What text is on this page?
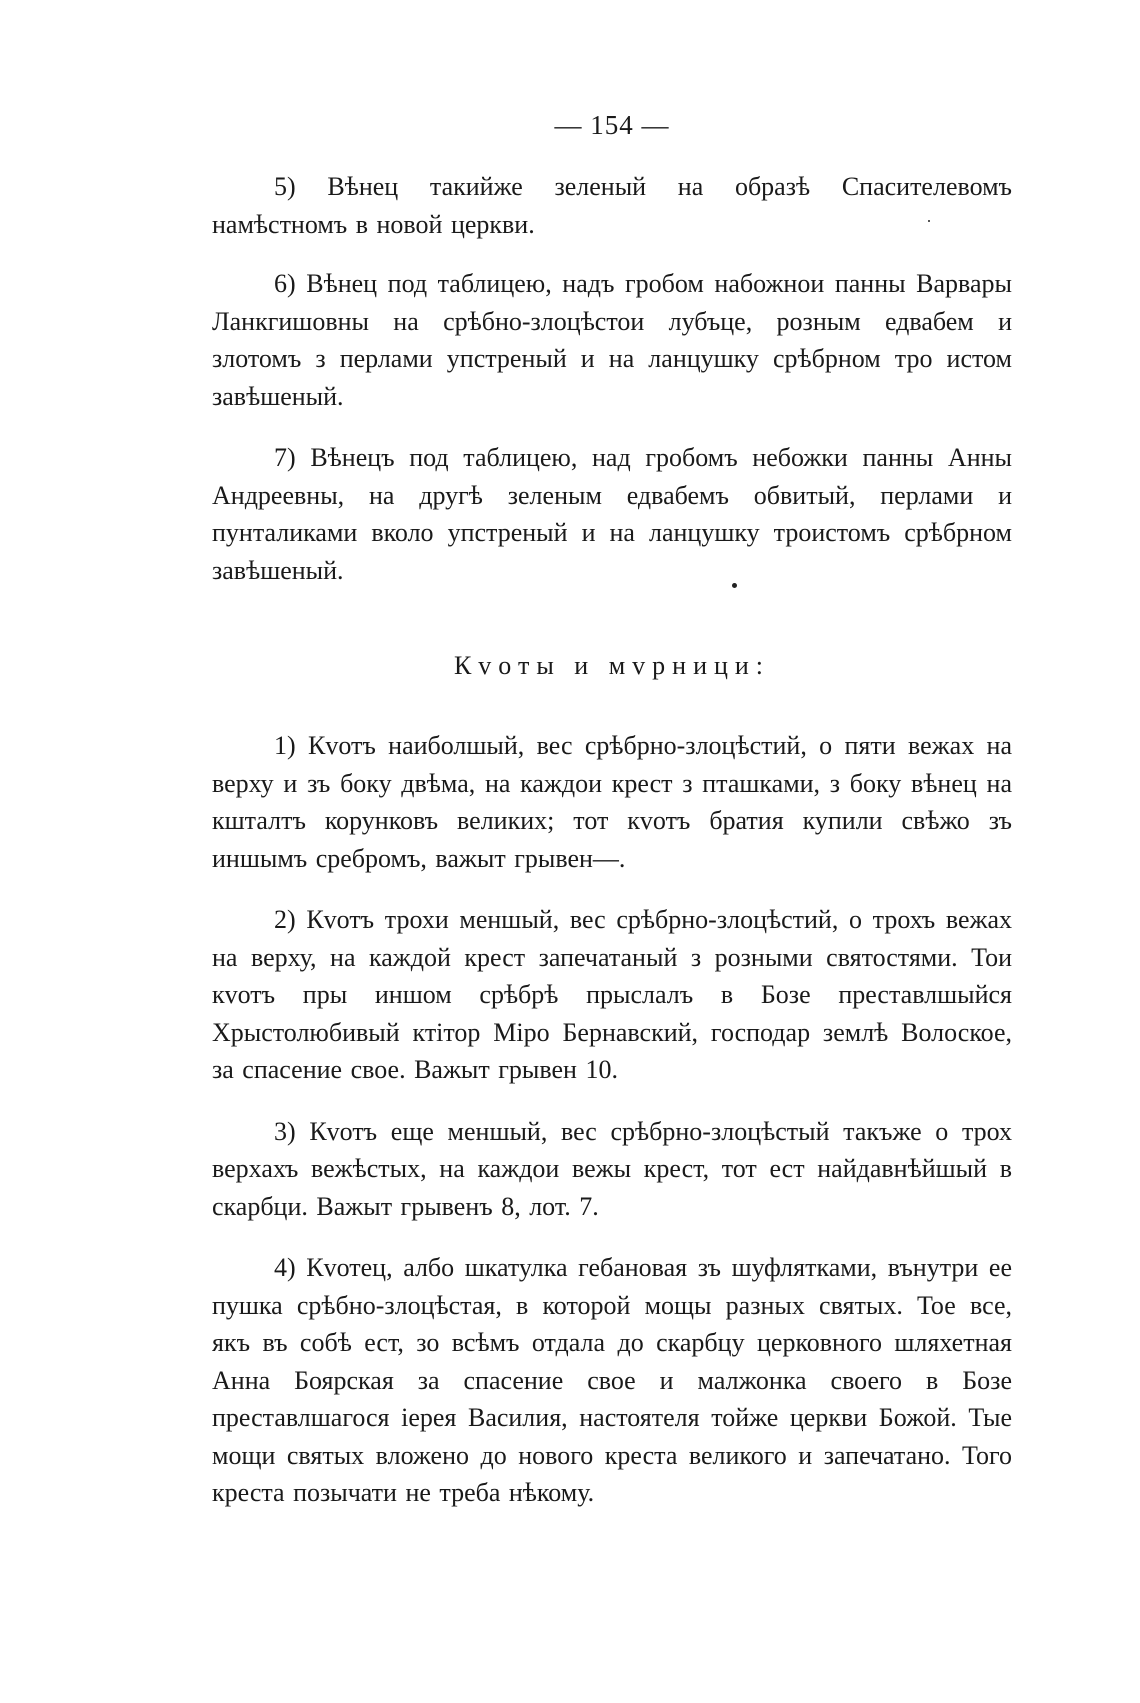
— 154 —

5) Вѣнец такийже зеленый на образѣ Спасителевомъ намѣстномъ в новой церкви.

6) Вѣнец под таблицею, надъ гробом набожнои панны Варвары Ланкгишовны на срѣбно-злоцѣстои лубъце, розным едвабем и злотомъ з перлами упстреный и на ланцушку срѣбрном тро истом завѣшеный.

7) Вѣнецъ под таблицею, над гробомъ небожки панны Анны Андреевны, на другѣ зеленым едвабемъ обвитый, перлами и пунталиками вколо упстреный и на ланцушку троистомъ срѣбрном завѣшеный.

Кvоты и мvрници:

1) Кvотъ наиболшый, вес срѣбрно-злоцѣстий, о пяти вежах на верху и зъ боку двѣма, на каждои крест з пташками, з боку вѣнец на кшталтъ корунковъ великих; тот кvотъ братия купили свѣжо зъ иншымъ сребромъ, важыт грывен—.

2) Кvотъ трохи меншый, вес срѣбрно-злоцѣстий, о трохъ вежах на верху, на каждой крест запечатаный з розными святостями. Тои кvотъ пры иншом срѣбрѣ прыслалъ в Бозе преставлшыйся Хрыстолюбивый ктітор Міро Бернавский, господар землѣ Волоское, за спасение свое. Важыт грывен 10.

3) Кvотъ еще меншый, вес срѣбрно-злоцѣстый такъже о трох верхахъ вежѣстых, на каждои вежы крест, тот ест найдавнѣйшый в скарбци. Важыт грывенъ 8, лот. 7.

4) Кvотец, албо шкатулка гебановая зъ шуфлятками, вънутри ее пушка срѣбно-злоцѣстая, в которой мощы разных святых. Тое все, якъ въ собѣ ест, зо всѣмъ отдала до скарбцу церковного шляхетная Анна Боярская за спасение свое и малжонка своего в Бозе преставлшагося іерея Василия, настоятеля тойже церкви Божой. Тые мощи святых вложено до нового креста великого и запечатано. Того креста позычати не треба нѣкому.
